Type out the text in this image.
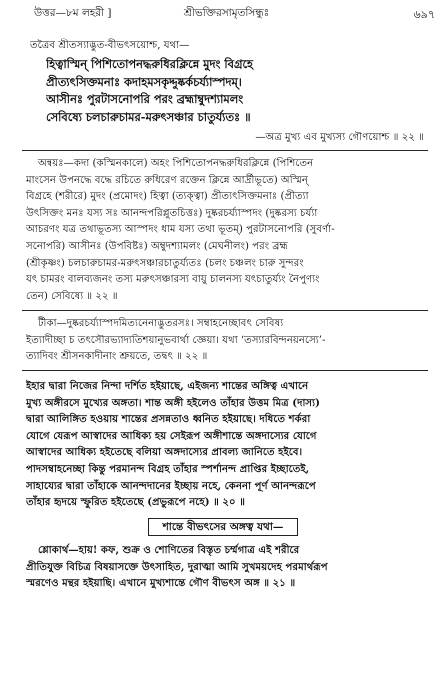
উত্তর—৮ম লহরী ]	শ্রীভক্তিরসামৃতসিন্ধুঃ	৬৯৭

তত্রৈব শ্রীতস্যাদ্ভুত-বীভৎসয়োশ্চ, যথা—

হিত্বাস্মিন্ পিশিতোপনদ্ধরুধিরক্লিন্নে মুদং বিগ্রহে

প্রীত্যৎসিক্তমনাঃ কদাহমসকৃদ্দুষ্কর্কচর্য্যাস্পদম্।

আসীনঃ পুরটাসনোপরি পরং ব্রহ্মাম্বুদশ্যামলং

সেবিষ্যে চলচারুচামর-মরুৎসঞ্চার চাতুর্য্যতঃ ॥

—অত্র মুখ্য এব মুখ্যস্য গৌণয়োশ্চ ॥ ২২ ॥

অন্বয়ঃ—কদা (কস্মিনকালে) অহং পিশিতোপনদ্ধরুধিরক্লিন্নে (পিশিতেন

মাংসেন উপনদ্ধে বদ্ধে রচিতে রুধিরেণ রক্তেন ক্লিন্নে আর্দ্রীভূতে) অস্মিন্

বিগ্রহে (শরীরে) মুদং (প্রমোদং) হিত্বা (ত্যক্ত্বা) প্রীত্যৎসিক্তমনাঃ (প্রীত্যা

উৎসিক্তং মনঃ যস্য সঃ আনন্দপরিপ্লুতচিত্তঃ) দুষ্করচর্য্যাস্পদং (দুষ্করস্য চর্য্যা

আচরণং যত্র তথাভূতস্য আস্পদং ধাম যস্য তথা ভূতম্) পুরটাসনোপরি (সুবর্ণা-

সনোপরি) আসীনঃ (উপবিষ্টঃ) অম্বুদশ্যামলং (মেঘনীলং) পরং ব্রহ্ম

(শ্রীকৃষ্ণং) চলচারুচামর-মরুৎসঞ্চারচাতুর্য্যতঃ (চলং চঞ্চলং চারু সুন্দরং

যৎ চামরং বালব্যজনং তস্য মরুৎসঞ্চারস্য বায়ু চালনস্য যৎচাতুর্য্যং নৈপুণ্যং

তেন) সেবিষ্যে ॥ ২২ ॥

টীকা—দুষ্করচর্য্যাস্পদমিত্যনেনাদ্ভুতরসঃ। সম্বাহনেচ্ছাবৎ সেবিষ্য

ইত্যাদীচ্ছা চ তৎসৌরভ্যাদ্যতিশয়ানুভবার্থা জ্ঞেয়া। যথা ‘তস্যারবিন্দনয়নস্যে’-

ত্যাদিবং শ্রীসনকাদীনাং শ্রুয়তে, তদ্বৎ ॥ ২২ ॥

ইহার দ্বারা নিজের নিন্দা দর্শিত হইয়াছে, এইজন্য শান্তের অঙ্গিত্ব এখানে

মুখ্য অঙ্গীরসে মুখ্যের অঙ্গতা। শান্ত অঙ্গী হইলেও তাঁহার উত্তম মিত্র (দাস্য)

দ্বারা আলিঙ্গিত হওয়ায় শান্তের প্রসন্নতাও ধ্বনিত হইয়াছে। দধিতে শর্করা

যোগে যেরূপ আস্বাদের আধিক্য হয় সেইরূপ অঙ্গীশান্তে অঙ্গদাস্যের যোগে

আস্বাদের আধিক্য হইতেছে বলিয়া অঙ্গদাস্যের প্রাবল্য জানিতে হইবে।

পাদসম্বাহনেচ্ছা কিন্তু পরমানন্দ বিগ্রহ তাঁহার স্পর্শানন্দ প্রাপ্তির ইচ্ছাতেই,

সাহায্যের দ্বারা তাঁহাকে আনন্দদানের ইচ্ছায় নহে, কেননা পূর্ণ আনন্দরূপে

তাঁহার হৃদয়ে স্ফুরিত হইতেছে (প্রভুরূপে নহে) ॥ ২০ ॥

শান্তে বীভৎসের অঙ্গত্ব যথা—

শ্লোকার্থ—হায়! কফ, শুক্র ও শোণিতের বিস্তৃত চর্ম্মগাত্র এই শরীরে

প্রীতিযুক্ত বিচিত্র বিষয়াসক্তে উৎসাহিত, দুরাত্মা আমি সুখময়দেহ পরমার্থরূপ

স্মরণেও মন্থর হইয়াছি। এখানে মুখ্যশান্তে গৌণ বীভৎস অঙ্গ ॥ ২১ ॥
